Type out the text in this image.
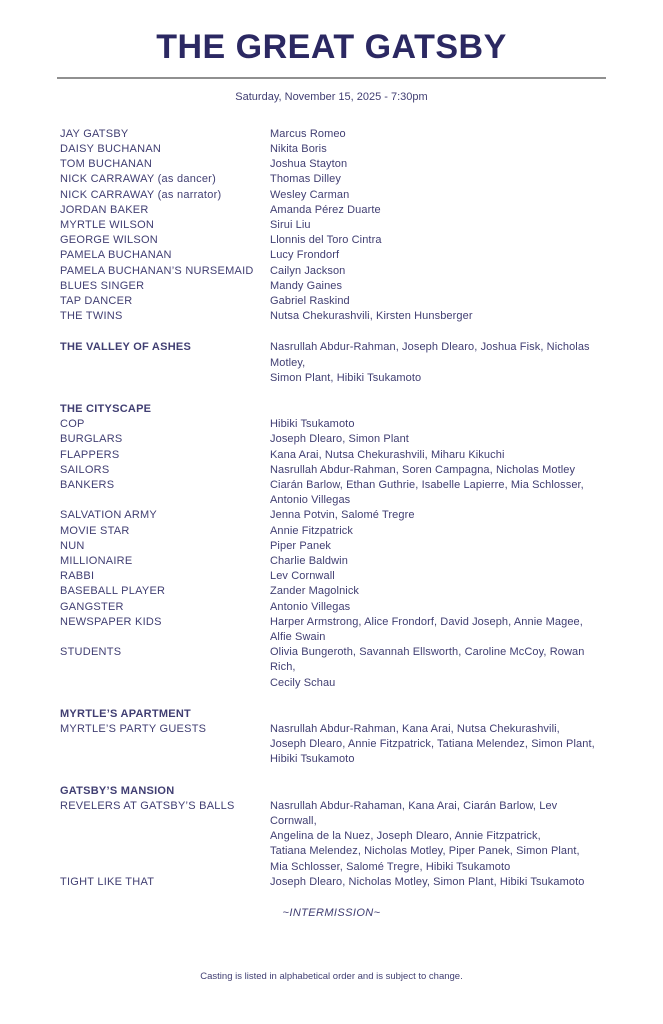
THE GREAT GATSBY
Saturday, November 15, 2025 - 7:30pm
JAY GATSBY	Marcus Romeo
DAISY BUCHANAN	Nikita Boris
TOM BUCHANAN	Joshua Stayton
NICK CARRAWAY (as dancer)	Thomas Dilley
NICK CARRAWAY (as narrator)	Wesley Carman
JORDAN BAKER	Amanda Pérez Duarte
MYRTLE WILSON	Sirui Liu
GEORGE WILSON	Llonnis del Toro Cintra
PAMELA BUCHANAN	Lucy Frondorf
PAMELA BUCHANAN’S NURSEMAID	Cailyn Jackson
BLUES SINGER	Mandy Gaines
TAP DANCER	Gabriel Raskind
THE TWINS	Nutsa Chekurashvili, Kirsten Hunsberger
THE VALLEY OF ASHES	Nasrullah Abdur-Rahman, Joseph Dlearo, Joshua Fisk, Nicholas Motley,
Simon Plant, Hibiki Tsukamoto
THE CITYSCAPE
COP	Hibiki Tsukamoto
BURGLARS	Joseph Dlearo, Simon Plant
FLAPPERS	Kana Arai, Nutsa Chekurashvili, Miharu Kikuchi
SAILORS	Nasrullah Abdur-Rahman, Soren Campagna, Nicholas Motley
BANKERS	Ciarán Barlow, Ethan Guthrie, Isabelle Lapierre, Mia Schlosser,
Antonio Villegas
SALVATION ARMY	Jenna Potvin, Salomé Tregre
MOVIE STAR	Annie Fitzpatrick
NUN	Piper Panek
MILLIONAIRE	Charlie Baldwin
RABBI	Lev Cornwall
BASEBALL PLAYER	Zander Magolnick
GANGSTER	Antonio Villegas
NEWSPAPER KIDS	Harper Armstrong, Alice Frondorf, David Joseph, Annie Magee,
Alfie Swain
STUDENTS	Olivia Bungeroth, Savannah Ellsworth, Caroline McCoy, Rowan Rich,
Cecily Schau
MYRTLE’S APARTMENT
MYRTLE’S PARTY GUESTS	Nasrullah Abdur-Rahman, Kana Arai, Nutsa Chekurashvili,
Joseph Dlearo, Annie Fitzpatrick, Tatiana Melendez, Simon Plant,
Hibiki Tsukamoto
GATSBY’S MANSION
REVELERS AT GATSBY’S BALLS	Nasrullah Abdur-Rahaman, Kana Arai, Ciarán Barlow, Lev Cornwall,
Angelina de la Nuez, Joseph Dlearo, Annie Fitzpatrick,
Tatiana Melendez, Nicholas Motley, Piper Panek, Simon Plant,
Mia Schlosser, Salomé Tregre, Hibiki Tsukamoto
TIGHT LIKE THAT	Joseph Dlearo, Nicholas Motley, Simon Plant, Hibiki Tsukamoto
~INTERMISSION~
Casting is listed in alphabetical order and is subject to change.
